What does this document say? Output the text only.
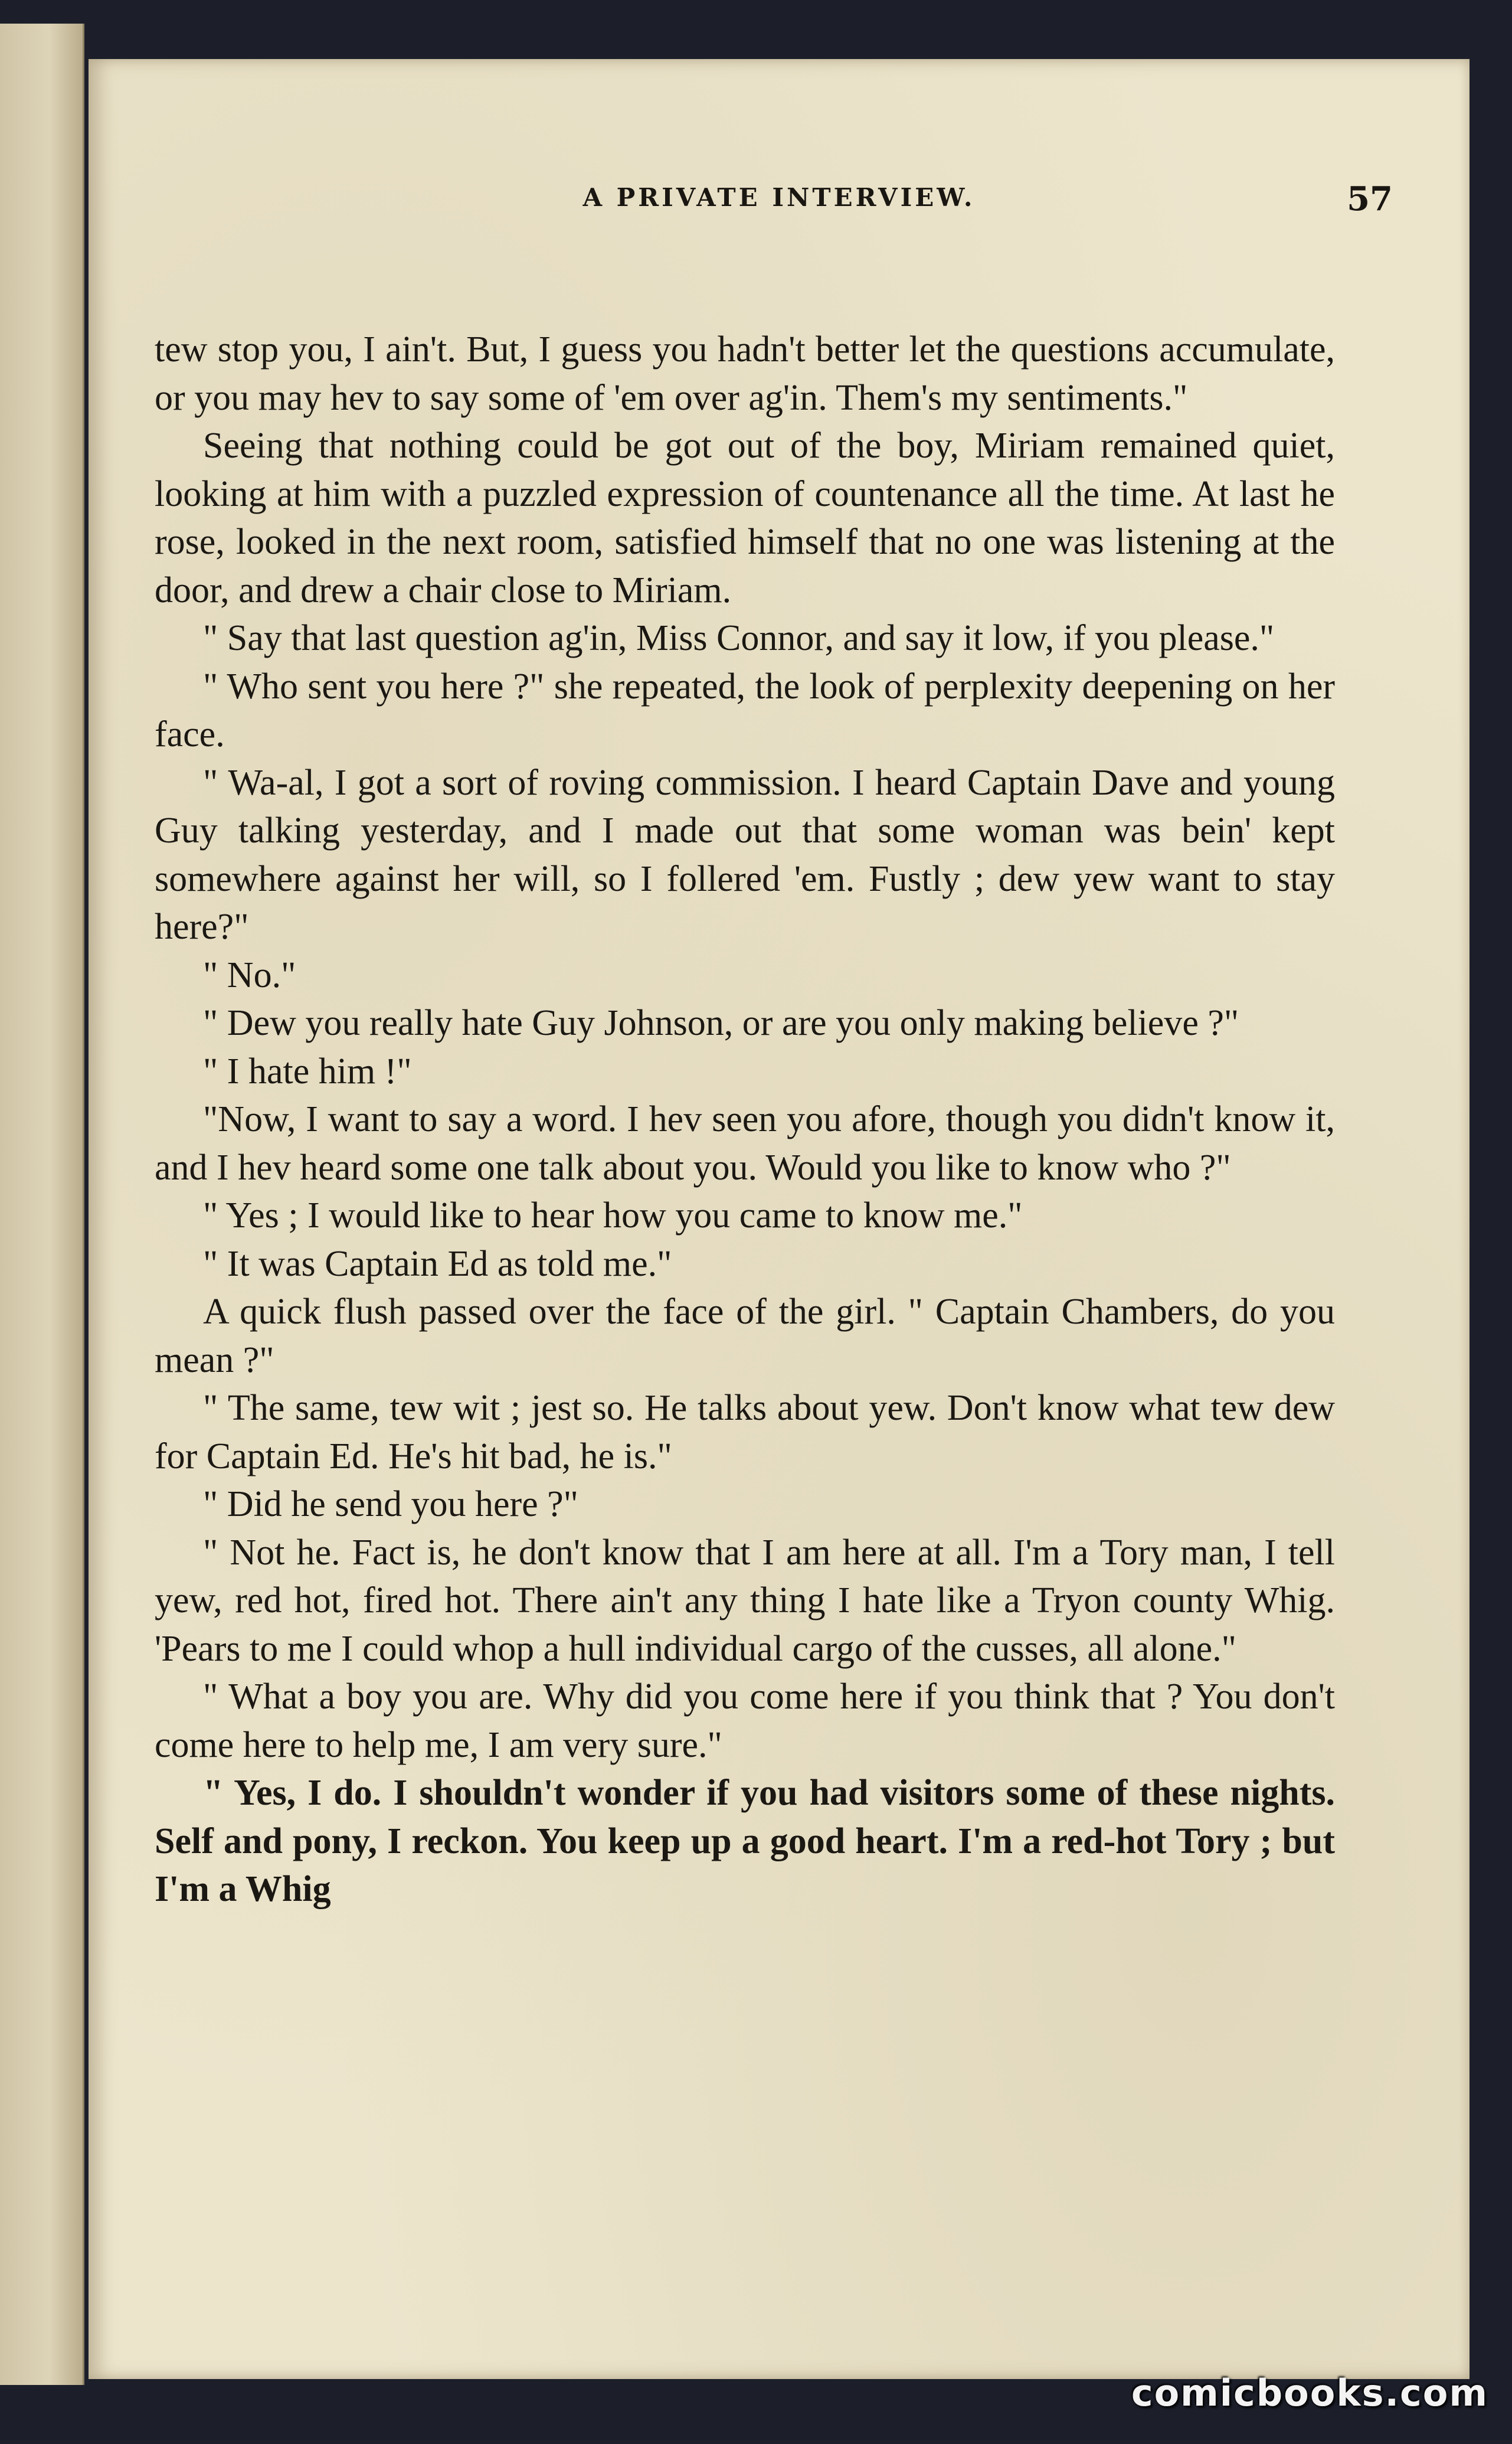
A PRIVATE INTERVIEW.	57

tew stop you, I ain't. But, I guess you hadn't better let the questions accumulate, or you may hev to say some of 'em over ag'in. Them's my sentiments."

Seeing that nothing could be got out of the boy, Miriam remained quiet, looking at him with a puzzled expression of countenance all the time. At last he rose, looked in the next room, satisfied himself that no one was listening at the door, and drew a chair close to Miriam.

" Say that last question ag'in, Miss Connor, and say it low, if you please."

" Who sent you here ?" she repeated, the look of perplexity deepening on her face.

" Wa-al, I got a sort of roving commission. I heard Captain Dave and young Guy talking yesterday, and I made out that some woman was bein' kept somewhere against her will, so I follered 'em. Fustly ; dew yew want to stay here?"

" No."

" Dew you really hate Guy Johnson, or are you only making believe ?"

" I hate him !"

"Now, I want to say a word. I hev seen you afore, though you didn't know it, and I hev heard some one talk about you. Would you like to know who ?"

" Yes ; I would like to hear how you came to know me."

" It was Captain Ed as told me."

A quick flush passed over the face of the girl. " Captain Chambers, do you mean ?"

" The same, tew wit ; jest so. He talks about yew. Don't know what tew dew for Captain Ed. He's hit bad, he is."

" Did he send you here ?"

" Not he. Fact is, he don't know that I am here at all. I'm a Tory man, I tell yew, red hot, fired hot. There ain't any thing I hate like a Tryon county Whig. 'Pears to me I could whop a hull individual cargo of the cusses, all alone."

" What a boy you are. Why did you come here if you think that ? You don't come here to help me, I am very sure."

" Yes, I do. I shouldn't wonder if you had visitors some of these nights. Self and pony, I reckon. You keep up a good heart. I'm a red-hot Tory ; but I'm a Whig

comicbooks.com
